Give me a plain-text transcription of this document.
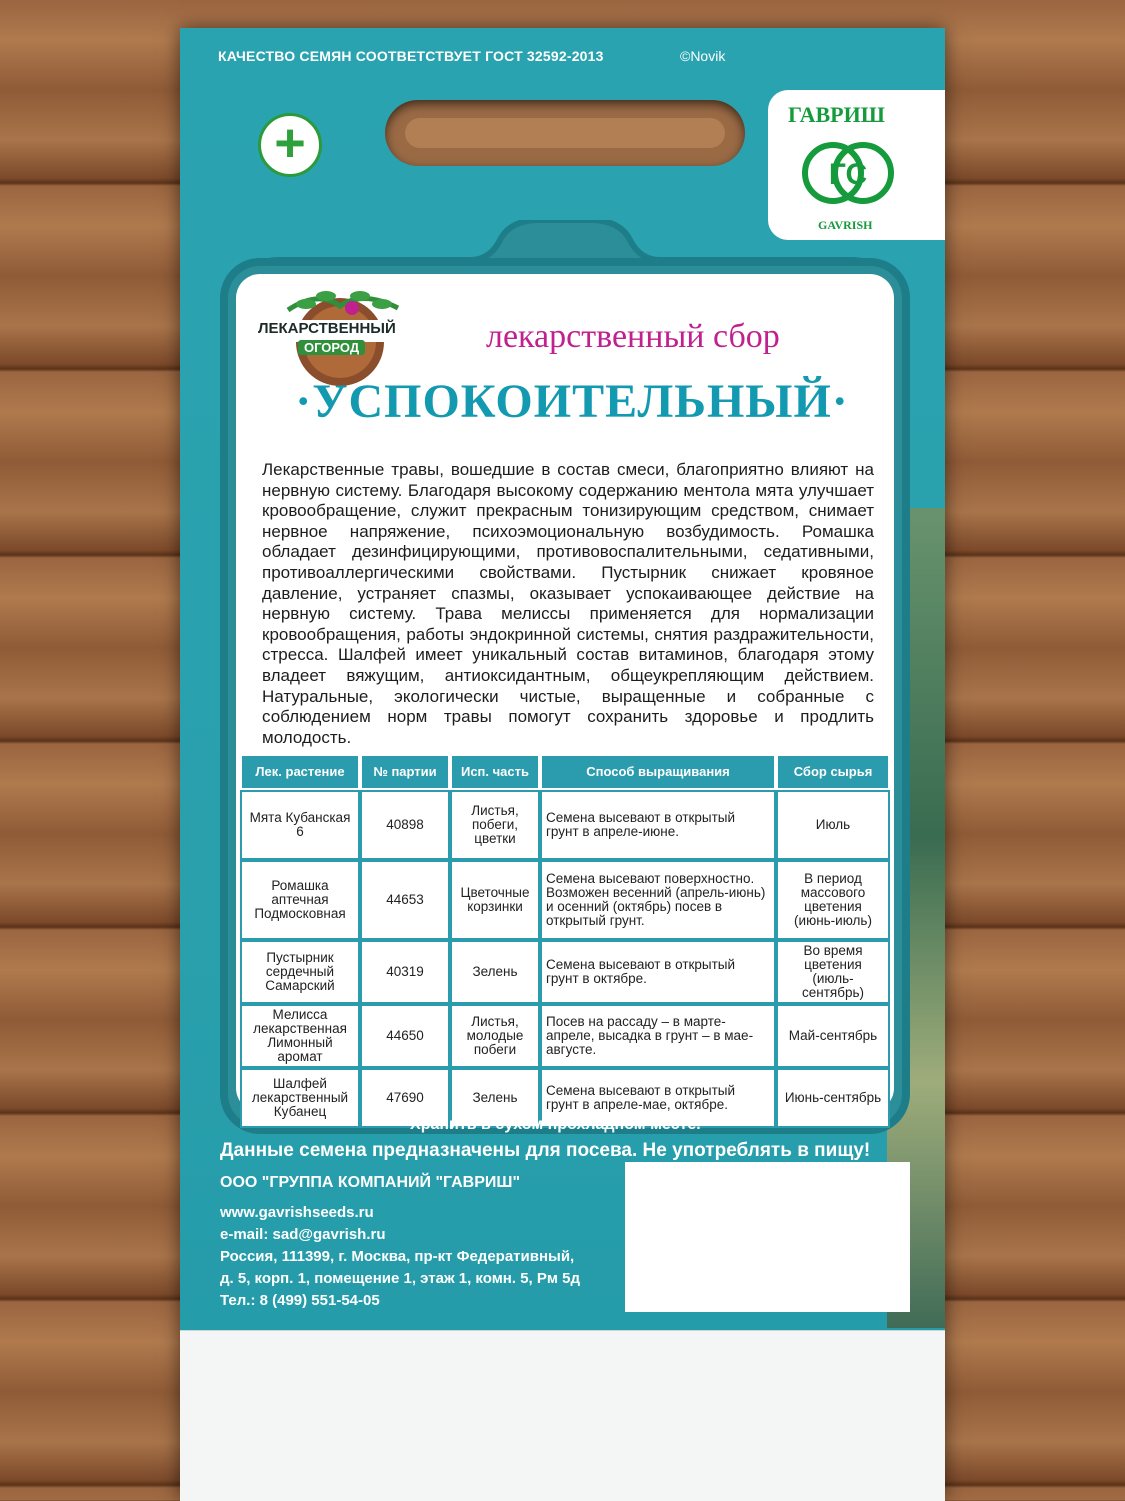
КАЧЕСТВО СЕМЯН СООТВЕТСТВУЕТ ГОСТ 32592-2013	©Novik
+	ГАВРИШ
ГС
GAVRISH
ЛЕКАРСТВЕННЫЙ
ОГОРОД	лекарственный сбор
·УСПОКОИТЕЛЬНЫЙ·
Лекарственные травы, вошедшие в состав смеси, благоприятно влияют на нервную систему. Благодаря высокому содержанию ментола мята улучшает кровообращение, служит прекрасным тонизирующим средством, снимает нервное напряжение, психоэмоциональную возбудимость. Ромашка обладает дезинфицирующими, противовоспалительными, седативными, противоаллергическими свойствами. Пустырник снижает кровяное давление, устраняет спазмы, оказывает успокаивающее действие на нервную систему. Трава мелиссы применяется для нормализации кровообращения, работы эндокринной системы, снятия раздражительности, стресса. Шалфей имеет уникальный состав витаминов, благодаря этому владеет вяжущим, антиоксидантным, общеукрепляющим действием. Натуральные, экологически чистые, выращенные и собранные с соблюдением норм травы помогут сохранить здоровье и продлить молодость.
Лек. растение	№ партии	Исп. часть	Способ выращивания	Сбор сырья
Мята Кубанская 6	40898	Листья, побеги, цветки	Семена высевают в открытый грунт в апреле-июне.	Июль
Ромашка аптечная Подмосковная	44653	Цветочные корзинки	Семена высевают поверхностно. Возможен весенний (апрель-июнь) и осенний (октябрь) посев в открытый грунт.	В период массового цветения (июнь-июль)
Пустырник сердечный Самарский	40319	Зелень	Семена высевают в открытый грунт в октябре.	Во время цветения (июль-сентябрь)
Мелисса лекарственная Лимонный аромат	44650	Листья, молодые побеги	Посев на рассаду – в марте-апреле, высадка в грунт – в мае-августе.	Май-сентябрь
Шалфей лекарственный Кубанец	47690	Зелень	Семена высевают в открытый грунт в апреле-мае, октябре.	Июнь-сентябрь
• Хранить в сухом прохладном месте.
Данные семена предназначены для посева. Не употреблять в пищу!
ООО "ГРУППА КОМПАНИЙ "ГАВРИШ"
www.gavrishseeds.ru
e-mail: sad@gavrish.ru
Россия, 111399, г. Москва, пр-кт Федеративный,
д. 5, корп. 1, помещение 1, этаж 1, комн. 5, Рм 5д
Тел.: 8 (499) 551-54-05
